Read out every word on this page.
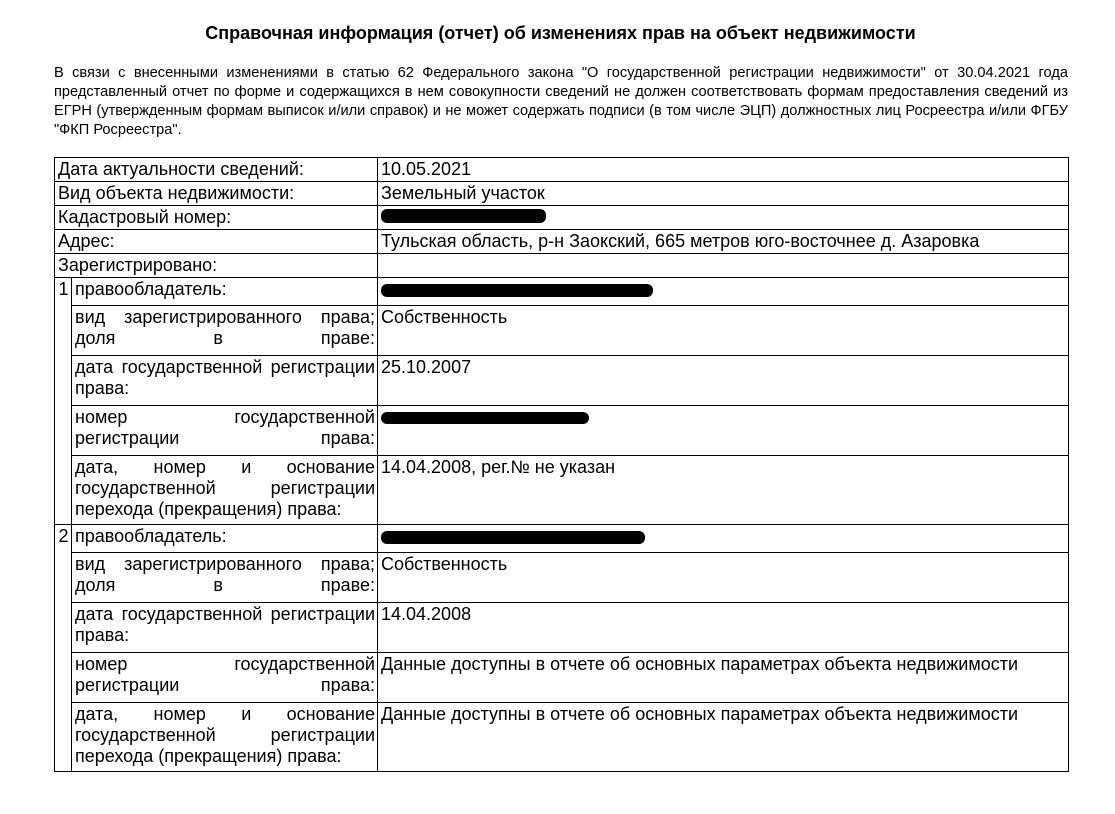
Справочная информация (отчет) об изменениях прав на объект недвижимости

В связи с внесенными изменениями в статью 62 Федерального закона "О государственной регистрации недвижимости" от 30.04.2021 года представленный отчет по форме и содержащихся в нем совокупности сведений не должен соответствовать формам предоставления сведений из ЕГРН (утвержденным формам выписок и/или справок) и не может содержать подписи (в том числе ЭЦП) должностных лиц Росреестра и/или ФГБУ "ФКП Росреестра".

Дата актуальности сведений:		10.05.2021
Вид объекта недвижимости:		Земельный участок
Кадастровый номер:		
Адрес:		Тульская область, р-н Заокский, 665 метров юго-восточнее д. Азаровка
Зарегистрировано:		
1	правообладатель:	
	вид зарегистрированного права; доля в праве:	Собственность
	дата государственной регистрации права:	25.10.2007
	номер государственной регистрации права:	
	дата, номер и основание государственной регистрации перехода (прекращения) права:	14.04.2008, рег.№ не указан
2	правообладатель:	
	вид зарегистрированного права; доля в праве:	Собственность
	дата государственной регистрации права:	14.04.2008
	номер государственной регистрации права:	Данные доступны в отчете об основных параметрах объекта недвижимости
	дата, номер и основание государственной регистрации перехода (прекращения) права:	Данные доступны в отчете об основных параметрах объекта недвижимости
